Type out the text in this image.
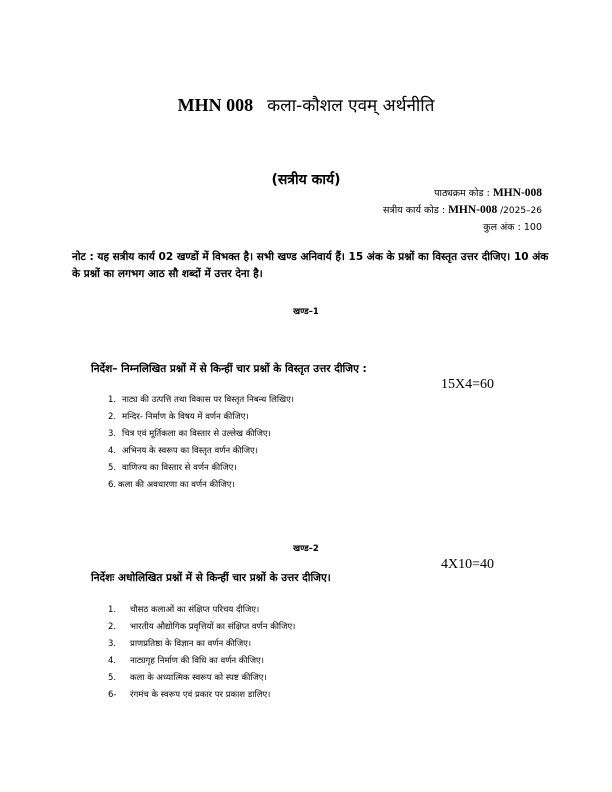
MHN 008 कला-कौशल एवम् अर्थनीति
(सत्रीय कार्य)
पाठ्यक्रम कोड : MHN-008
सत्रीय कार्य कोड : MHN-008 /2025–26
कुल अंक : 100
नोट : यह सत्रीय कार्य 02 खण्डों में विभक्त है। सभी खण्ड अनिवार्य हैं। 15 अंक के प्रश्नों का विस्तृत उत्तर दीजिए। 10 अंक के प्रश्नों का लगभग आठ सौ शब्दों में उत्तर देना है।
खण्ड–1
निर्देश– निम्नलिखित प्रश्नों में से किन्हीं चार प्रश्नों के विस्तृत उत्तर दीजिए :
15X4=60
1. नाट्य की उत्पत्ति तथा विकास पर विस्तृत निबन्ध लिखिए।
2. मन्दिर- निर्माण के विषय में वर्णन कीजिए।
3. चित्र एवं मूर्तिकला का विस्तार से उल्लेख कीजिए।
4. अभिनय के स्वरूप का विस्तृत वर्णन कीजिए।
5. वाणिज्य का विस्तार से वर्णन कीजिए।
6. कला की अवधारणा का वर्णन कीजिए।
खण्ड–2
4X10=40
निर्देशः अधोलिखित प्रश्नों में से किन्हीं चार प्रश्नों के उत्तर दीजिए।
1. चौसठ कलाओं का संक्षिप्त परिचय दीजिए।
2. भारतीय औद्योगिक प्रवृत्तियों का संक्षिप्त वर्णन कीजिए।
3. प्राणप्रतिष्ठा के विज्ञान का वर्णन कीजिए।
4. नाट्यगृह निर्माण की विधि का वर्णन कीजिए।
5. कला के अध्यात्मिक स्वरूप को स्पष्ट कीजिए।
6- रंगमंच के स्वरूप एवं प्रकार पर प्रकाश डालिए।
